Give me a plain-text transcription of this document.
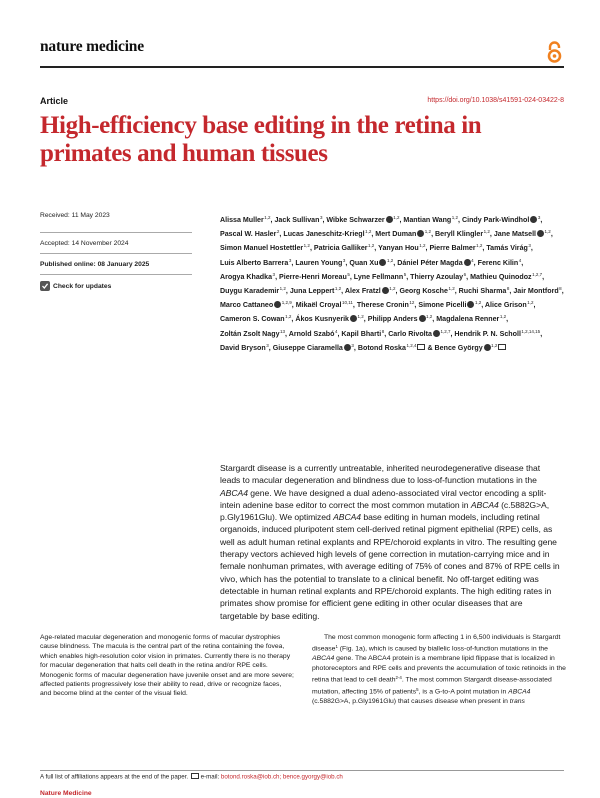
nature medicine
Article	https://doi.org/10.1038/s41591-024-03422-8
High-efficiency base editing in the retina in primates and human tissues
Received: 11 May 2023
Accepted: 14 November 2024
Published online: 08 January 2025
Check for updates
Alissa Muller$^{1,2}$, Jack Sullivan$^3$, Wibke Schwarzer $^{1,2}$, Mantian Wang$^{1,2}$, Cindy Park-Windhol $^3$, Pascal W. Hasler$^2$, Lucas Janeschitz-Kriegl$^{1,2}$, Mert Duman $^{1,2}$, Beryll Klingler$^{1,2}$, Jane Matsell $^{1,2}$, Simon Manuel Hostettler$^{1,2}$, Patricia Galliker$^{1,2}$, Yanyan Hou$^{1,2}$, Pierre Balmer$^{1,2}$, Tamás Virág$^3$, Luis Alberto Barrera$^3$, Lauren Young$^3$, Quan Xu $^{1,2}$, Dániel Péter Magda $^4$, Ferenc Kilin$^4$, Arogya Khadka$^3$, Pierre-Henri Moreau$^5$, Lyne Fellmann$^5$, Thierry Azoulay$^6$, Mathieu Quinodoz$^{1,2,7}$, Duygu Karademir$^{1,2}$, Juna Leppert$^{1,2}$, Alex Fratzl $^{1,2}$, Georg Kosche$^{1,2}$, Ruchi Sharma$^8$, Jair Montford$^8$, Marco Cattaneo $^{1,2,9}$, Mikaël Croyal$^{10,11}$, Therese Cronin$^{12}$, Simone Picelli $^{1,2}$, Alice Grison$^{1,2}$, Cameron S. Cowan$^{1,2}$, Ákos Kusnyerik $^{1,2}$, Philipp Anders $^{1,2}$, Magdalena Renner$^{1,2}$, Zoltán Zsolt Nagy$^{13}$, Arnold Szabó$^4$, Kapil Bharti$^8$, Carlo Rivolta $^{1,2,7}$, Hendrik P. N. Scholl$^{1,2,14,15}$, David Bryson$^3$, Giuseppe Ciaramella $^3$, Botond Roska$^{1,2,4}$ & Bence György $^{1,2}$

Stargardt disease is a currently untreatable, inherited neurodegenerative disease that leads to macular degeneration and blindness due to loss-of-function mutations in the ABCA4 gene. We have designed a dual adeno-associated viral vector encoding a split-intein adenine base editor to correct the most common mutation in ABCA4 (c.5882G>A, p.Gly1961Glu). We optimized ABCA4 base editing in human models, including retinal organoids, induced pluripotent stem cell-derived retinal pigment epithelial (RPE) cells, as well as adult human retinal explants and RPE/choroid explants in vitro. The resulting gene therapy vectors achieved high levels of gene correction in mutation-carrying mice and in female nonhuman primates, with average editing of 75% of cones and 87% of RPE cells in vivo, which has the potential to translate to a clinical benefit. No off-target editing was detectable in human retinal explants and RPE/choroid explants. The high editing rates in primates show promise for efficient gene editing in other ocular diseases that are targetable by base editing.

Age-related macular degeneration and monogenic forms of macular dystrophies cause blindness. The macula is the central part of the retina containing the fovea, which enables high-resolution color vision in primates. Currently there is no therapy for macular degeneration that halts cell death in the retina and/or RPE cells. Monogenic forms of macular degeneration have juvenile onset and are more severe; affected patients progressively lose their ability to read, drive or recognize faces, and become blind at the center of the visual field.
The most common monogenic form affecting 1 in 6,500 individuals is Stargardt disease$^1$ (Fig. 1a), which is caused by biallelic loss-of-function mutations in the ABCA4 gene. The ABCA4 protein is a membrane lipid flippase that is localized in photoreceptors and RPE cells and prevents the accumulation of toxic retinoids in the retina that lead to cell death$^{2-4}$. The most common Stargardt disease-associated mutation, affecting 15% of patients$^5$, is a G-to-A point mutation in ABCA4 (c.5882G>A, p.Gly1961Glu) that causes disease when present in trans
A full list of affiliations appears at the end of the paper. e-mail: botond.roska@iob.ch; bence.gyorgy@iob.ch
Nature Medicine
